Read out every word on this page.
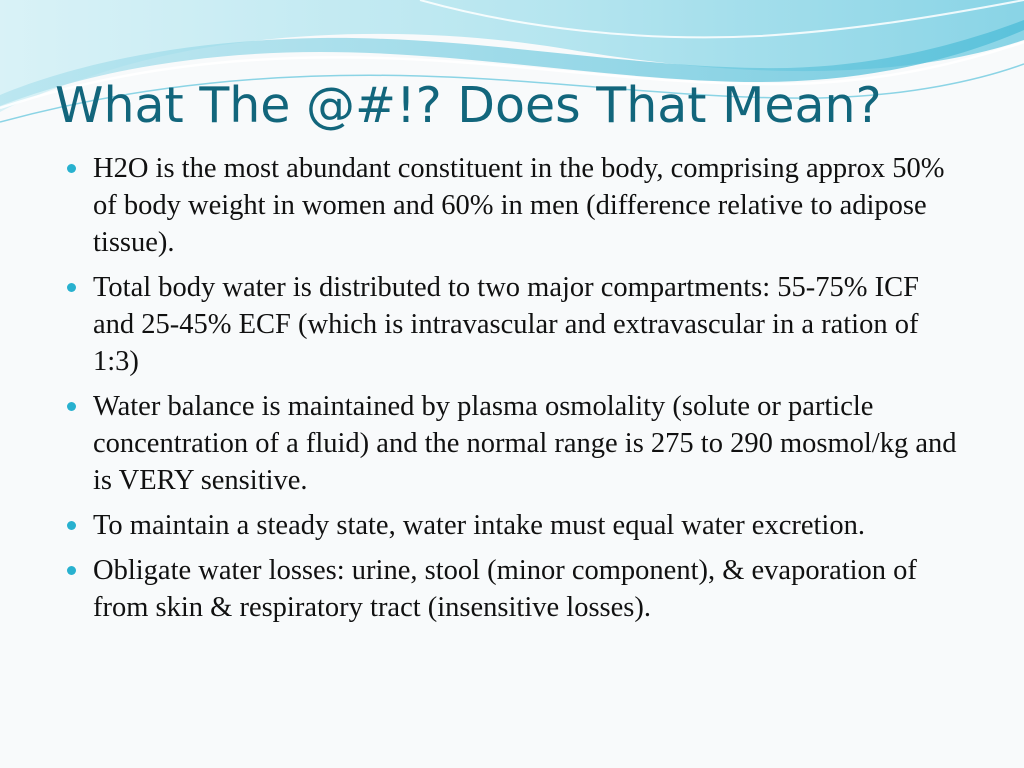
What The @#!? Does That Mean?
H2O is the most abundant constituent in the body, comprising approx 50% of body weight in women and 60% in men (difference relative to adipose tissue).
Total body water is distributed to two major compartments: 55-75% ICF and 25-45% ECF (which is intravascular and extravascular in a ration of 1:3)
Water balance is maintained by plasma osmolality (solute or particle concentration of a fluid) and the normal range is 275 to 290 mosmol/kg and is VERY sensitive.
To maintain a steady state, water intake must equal water excretion.
Obligate water losses: urine, stool (minor component), & evaporation of from skin & respiratory tract (insensitive losses).
